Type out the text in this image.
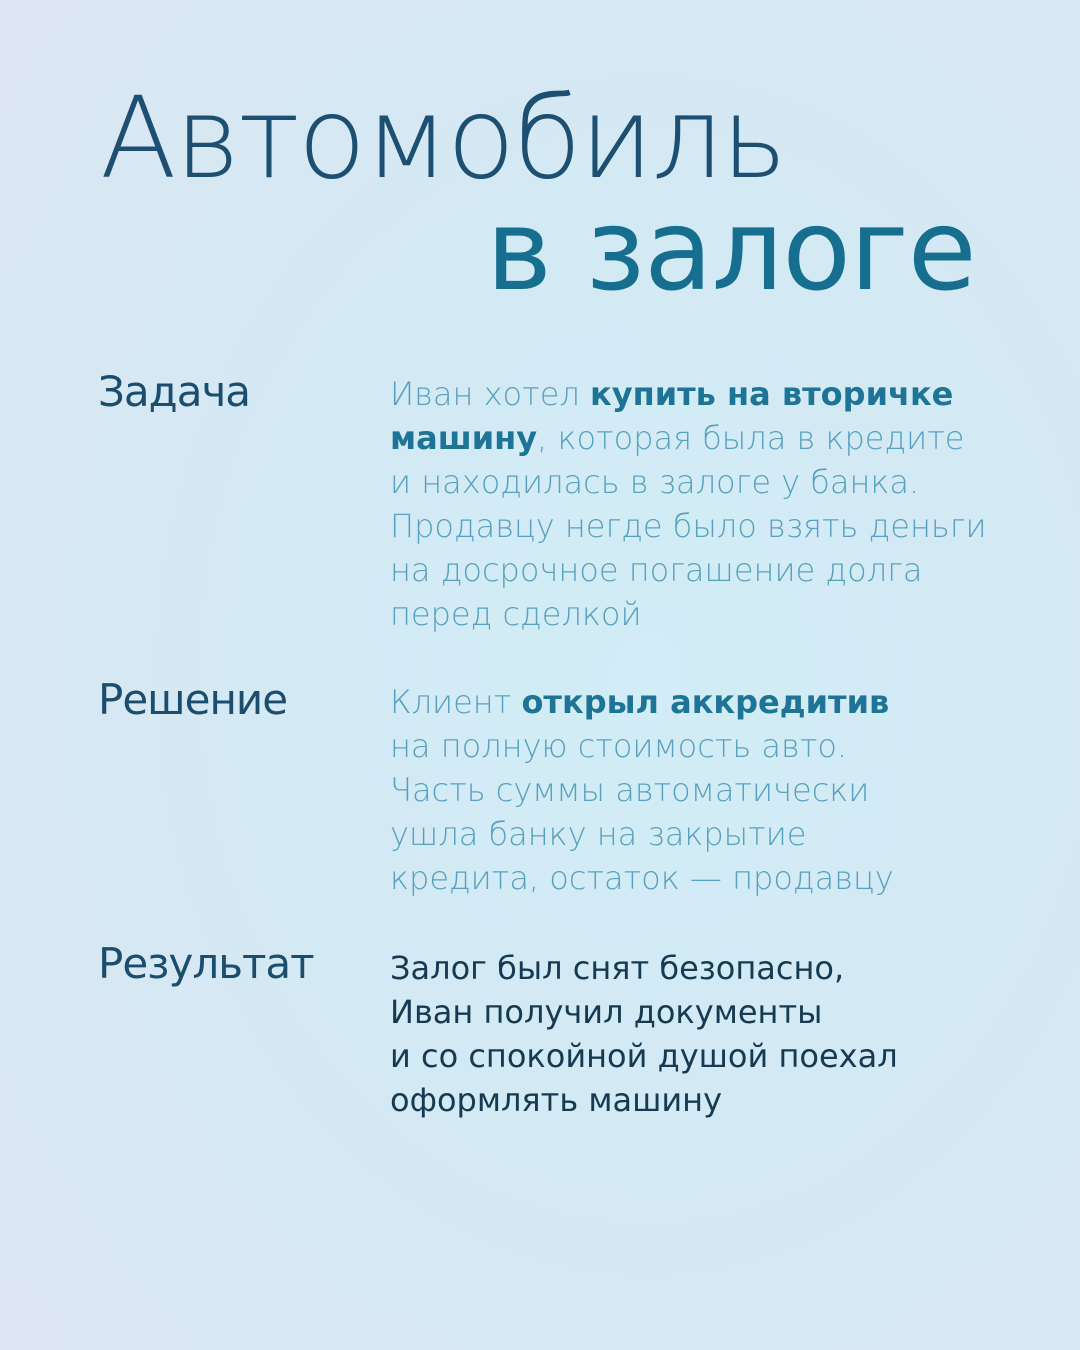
Автомобиль
в залоге
Задача	Иван хотел купить на вторичке
машину, которая была в кредите
и находилась в залоге у банка.
Продавцу негде было взять деньги
на досрочное погашение долга
перед сделкой
Решение	Клиент открыл аккредитив
на полную стоимость авто.
Часть суммы автоматически
ушла банку на закрытие
кредита, остаток — продавцу
Результат Залог был снят безопасно,
Иван получил документы
и со спокойной душой поехал
оформлять машину
